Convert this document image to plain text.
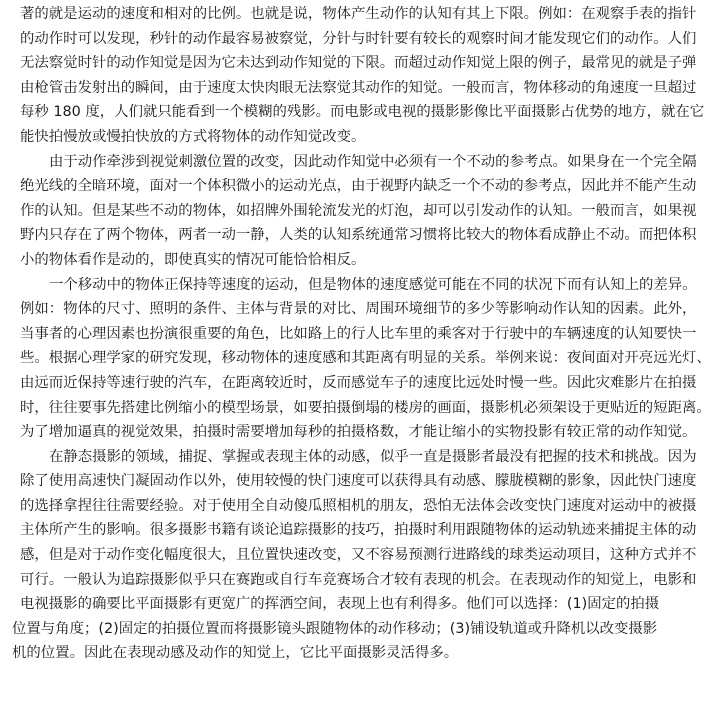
著的就是运动的速度和相对的比例。也就是说，物体产生动作的认知有其上下限。例如：在观察手表的指针
的动作时可以发现，秒针的动作最容易被察觉，分针与时针要有较长的观察时间才能发现它们的动作。人们
无法察觉时针的动作知觉是因为它未达到动作知觉的下限。而超过动作知觉上限的例子，最常见的就是子弹
由枪管击发射出的瞬间，由于速度太快肉眼无法察觉其动作的知觉。一般而言，物体移动的角速度一旦超过
每秒 180 度，人们就只能看到一个模糊的残影。而电影或电视的摄影影像比平面摄影占优势的地方，就在它
能快拍慢放或慢拍快放的方式将物体的动作知觉改变。

由于动作牵涉到视觉刺激位置的改变，因此动作知觉中必须有一个不动的参考点。如果身在一个完全隔
绝光线的全暗环境，面对一个体积微小的运动光点，由于视野内缺乏一个不动的参考点，因此并不能产生动
作的认知。但是某些不动的物体，如招牌外围轮流发光的灯泡，却可以引发动作的认知。一般而言，如果视
野内只存在了两个物体，两者一动一静，人类的认知系统通常习惯将比较大的物体看成静止不动。而把体积
小的物体看作是动的，即使真实的情况可能恰恰相反。

一个移动中的物体正保持等速度的运动，但是物体的速度感觉可能在不同的状况下而有认知上的差异。
例如：物体的尺寸、照明的条件、主体与背景的对比、周围环境细节的多少等影响动作认知的因素。此外，
当事者的心理因素也扮演很重要的角色，比如路上的行人比车里的乘客对于行驶中的车辆速度的认知要快一
些。根据心理学家的研究发现，移动物体的速度感和其距离有明显的关系。举例来说：夜间面对开亮远光灯、
由远而近保持等速行驶的汽车，在距离较近时，反而感觉车子的速度比远处时慢一些。因此灾难影片在拍摄
时，往往要事先搭建比例缩小的模型场景，如要拍摄倒塌的楼房的画面，摄影机必须架设于更贴近的短距离。
为了增加逼真的视觉效果，拍摄时需要增加每秒的拍摄格数，才能让缩小的实物投影有较正常的动作知觉。

在静态摄影的领域，捕捉、掌握或表现主体的动感，似乎一直是摄影者最没有把握的技术和挑战。因为
除了使用高速快门凝固动作以外，使用较慢的快门速度可以获得具有动感、朦胧模糊的影象，因此快门速度
的选择拿捏往往需要经验。对于使用全自动傻瓜照相机的朋友，恐怕无法体会改变快门速度对运动中的被摄
主体所产生的影响。很多摄影书籍有谈论追踪摄影的技巧，拍摄时利用跟随物体的运动轨迹来捕捉主体的动
感，但是对于动作变化幅度很大，且位置快速改变，又不容易预测行进路线的球类运动项目，这种方式并不
可行。一般认为追踪摄影似乎只在赛跑或自行车竞赛场合才较有表现的机会。在表现动作的知觉上，电影和
电视摄影的确要比平面摄影有更宽广的挥洒空间，表现上也有利得多。他们可以选择：(1)固定的拍摄

位置与角度；(2)固定的拍摄位置而将摄影镜头跟随物体的动作移动；(3)铺设轨道或升降机以改变摄影
机的位置。因此在表现动感及动作的知觉上，它比平面摄影灵活得多。
